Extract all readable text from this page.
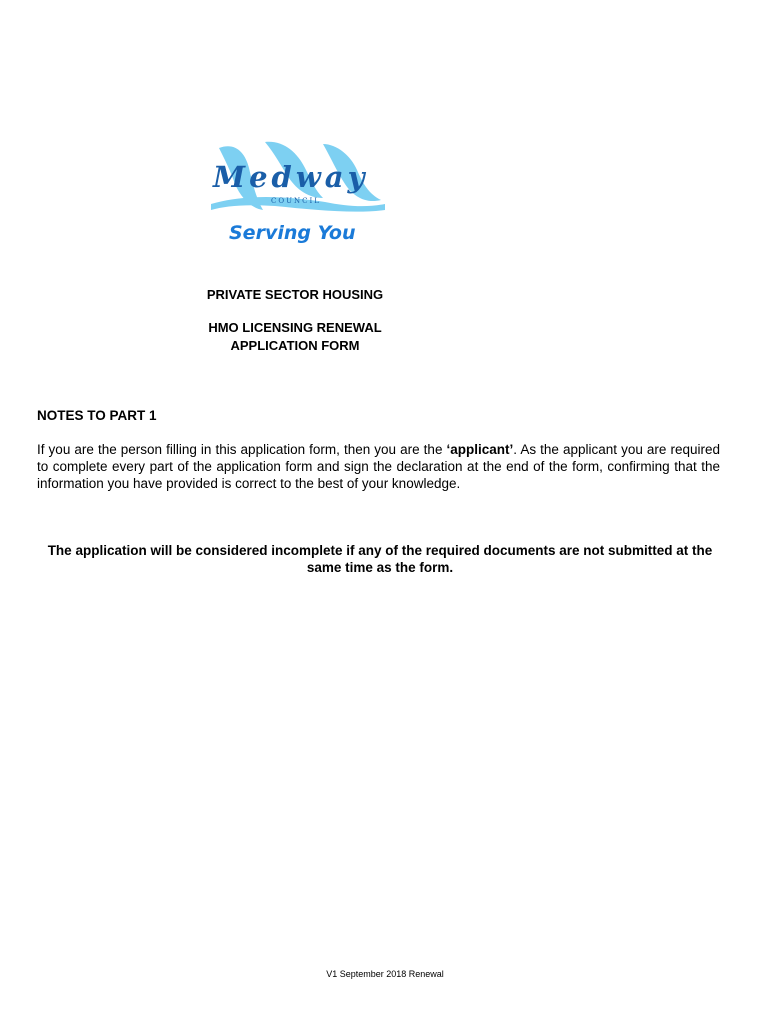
Medway
COUNCIL
Serving You
PRIVATE SECTOR HOUSING
HMO LICENSING RENEWAL
APPLICATION FORM
NOTES TO PART 1

If you are the person filling in this application form, then you are the ‘applicant’. As the applicant you are required to complete every part of the application form and sign the declaration at the end of the form, confirming that the information you have provided is correct to the best of your knowledge.

The application will be considered incomplete if any of the required documents are not submitted at the same time as the form.
V1 September 2018 Renewal
